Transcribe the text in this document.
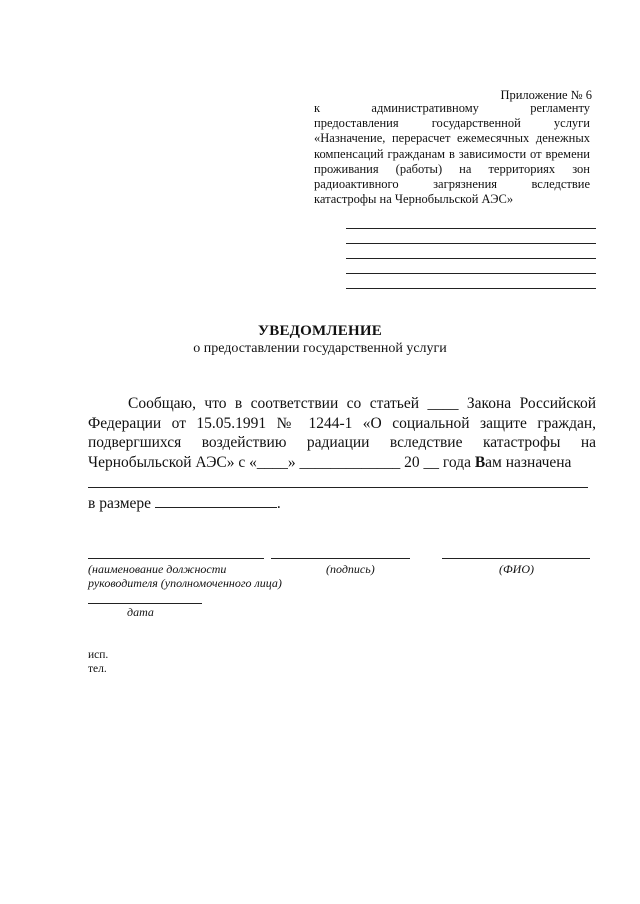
Приложение № 6
к	административному	регламенту
предоставления	государственной	услуги
«Назначение, перерасчет ежемесячных денежных компенсаций гражданам в зависимости от времени проживания (работы) на территориях зон радиоактивного загрязнения вследствие катастрофы на Чернобыльской АЭС»
УВЕДОМЛЕНИЕ
о предоставлении государственной услуги
Сообщаю, что в соответствии со статьей ____ Закона Российской Федерации от 15.05.1991 № 1244-1 «О социальной защите граждан, подвергшихся воздействию радиации вследствие катастрофы на Чернобыльской АЭС» с «____» _____________ 20 __ года Вам назначена
в размере	.
(наименование должности
руководителя (уполномоченного лица)
(подпись)	(ФИО)
дата
исп.
тел.
